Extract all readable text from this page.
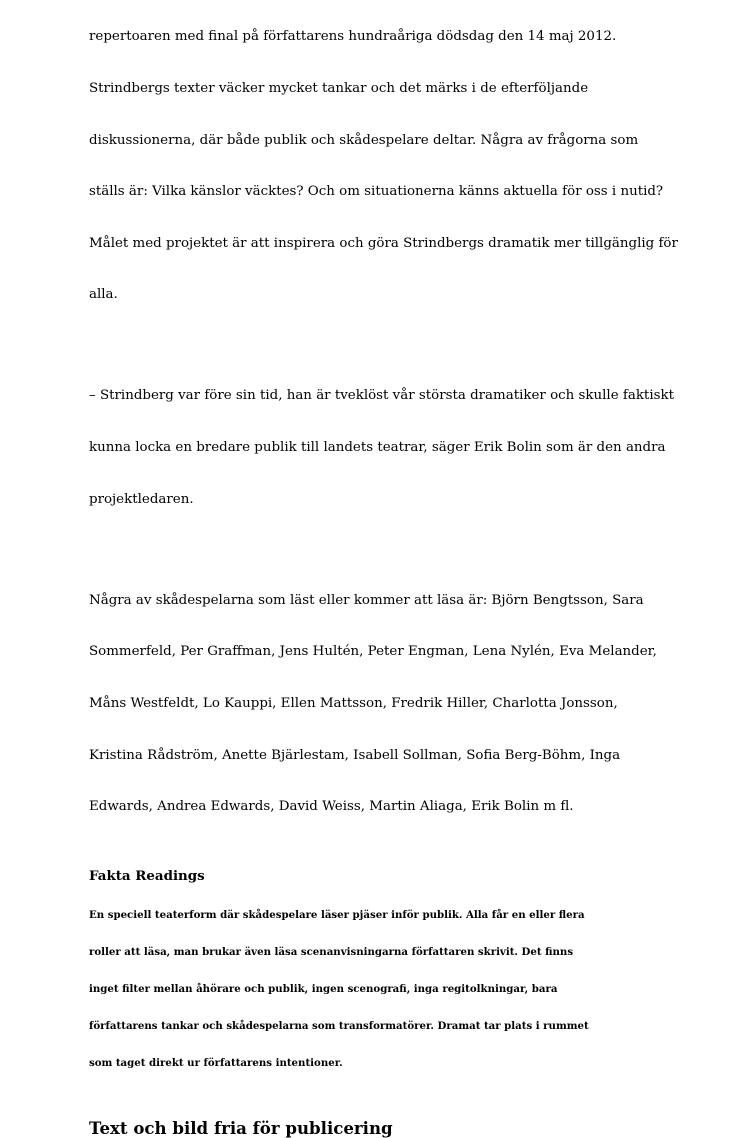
repertoaren med final på författarens hundraåriga dödsdag den 14 maj 2012.

Strindbergs texter väcker mycket tankar och det märks i de efterföljande

diskussionerna, där både publik och skådespelare deltar. Några av frågorna som

ställs är: Vilka känslor väcktes? Och om situationerna känns aktuella för oss i nutid?

Målet med projektet är att inspirera och göra Strindbergs dramatik mer tillgänglig för

alla.

– Strindberg var före sin tid, han är tveklöst vår största dramatiker och skulle faktiskt

kunna locka en bredare publik till landets teatrar, säger Erik Bolin som är den andra

projektledaren.

Några av skådespelarna som läst eller kommer att läsa är: Björn Bengtsson, Sara

Sommerfeld, Per Graffman, Jens Hultén, Peter Engman, Lena Nylén, Eva Melander,

Måns Westfeldt, Lo Kauppi, Ellen Mattsson, Fredrik Hiller, Charlotta Jonsson,

Kristina Rådström, Anette Bjärlestam, Isabell Sollman, Sofia Berg-Böhm, Inga

Edwards, Andrea Edwards, David Weiss, Martin Aliaga, Erik Bolin m fl.

Fakta Readings

En speciell teaterform där skådespelare läser pjäser inför publik. Alla får en eller flera

roller att läsa, man brukar även läsa scenanvisningarna författaren skrivit. Det finns

inget filter mellan åhörare och publik, ingen scenografi, inga regitolkningar, bara

författarens tankar och skådespelarna som transformatörer. Dramat tar plats i rummet

som taget direkt ur författarens intentioner.

Text och bild fria för publicering
